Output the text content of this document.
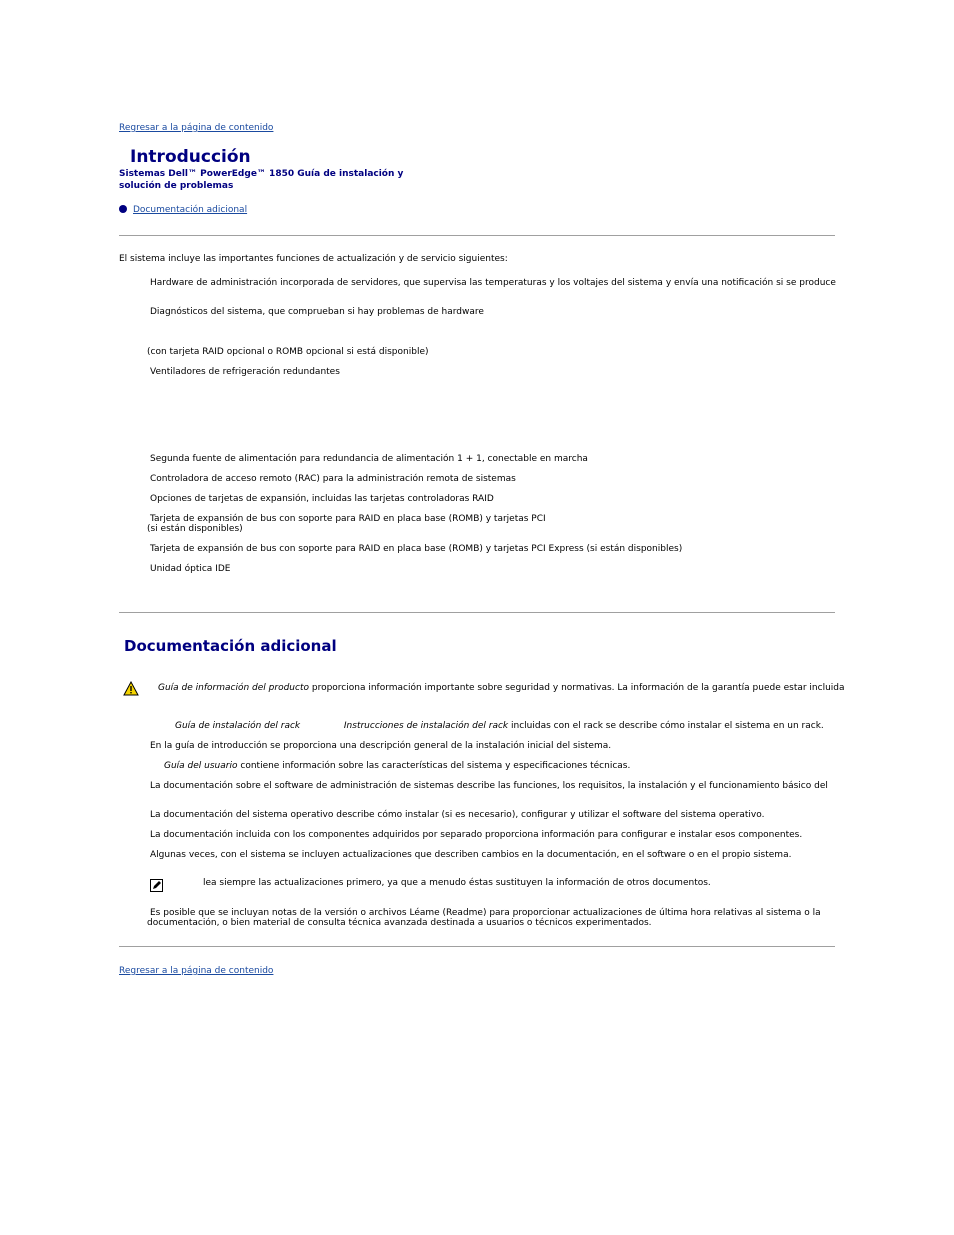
Regresar a la página de contenido
Introducción
Sistemas Dell™ PowerEdge™ 1850 Guía de instalación y solución de problemas
Documentación adicional
El sistema incluye las importantes funciones de actualización y de servicio siguientes:
Hardware de administración incorporada de servidores, que supervisa las temperaturas y los voltajes del sistema y envía una notificación si se produce
Diagnósticos del sistema, que comprueban si hay problemas de hardware
(con tarjeta RAID opcional o ROMB opcional si está disponible)
Ventiladores de refrigeración redundantes
Segunda fuente de alimentación para redundancia de alimentación 1 + 1, conectable en marcha
Controladora de acceso remoto (RAC) para la administración remota de sistemas
Opciones de tarjetas de expansión, incluidas las tarjetas controladoras RAID
Tarjeta de expansión de bus con soporte para RAID en placa base (ROMB) y tarjetas PCI
(si están disponibles)
Tarjeta de expansión de bus con soporte para RAID en placa base (ROMB) y tarjetas PCI Express (si están disponibles)
Unidad óptica IDE
Documentación adicional
Guía de información del producto proporciona información importante sobre seguridad y normativas. La información de la garantía puede estar incluida
Guía de instalación del rack	Instrucciones de instalación del rack incluidas con el rack se describe cómo instalar el sistema en un rack.
En la guía de introducción se proporciona una descripción general de la instalación inicial del sistema.
Guía del usuario contiene información sobre las características del sistema y especificaciones técnicas.
La documentación sobre el software de administración de sistemas describe las funciones, los requisitos, la instalación y el funcionamiento básico del
La documentación del sistema operativo describe cómo instalar (si es necesario), configurar y utilizar el software del sistema operativo.
La documentación incluida con los componentes adquiridos por separado proporciona información para configurar e instalar esos componentes.
Algunas veces, con el sistema se incluyen actualizaciones que describen cambios en la documentación, en el software o en el propio sistema.
lea siempre las actualizaciones primero, ya que a menudo éstas sustituyen la información de otros documentos.
Es posible que se incluyan notas de la versión o archivos Léame (Readme) para proporcionar actualizaciones de última hora relativas al sistema o la
documentación, o bien material de consulta técnica avanzada destinada a usuarios o técnicos experimentados.
Regresar a la página de contenido
